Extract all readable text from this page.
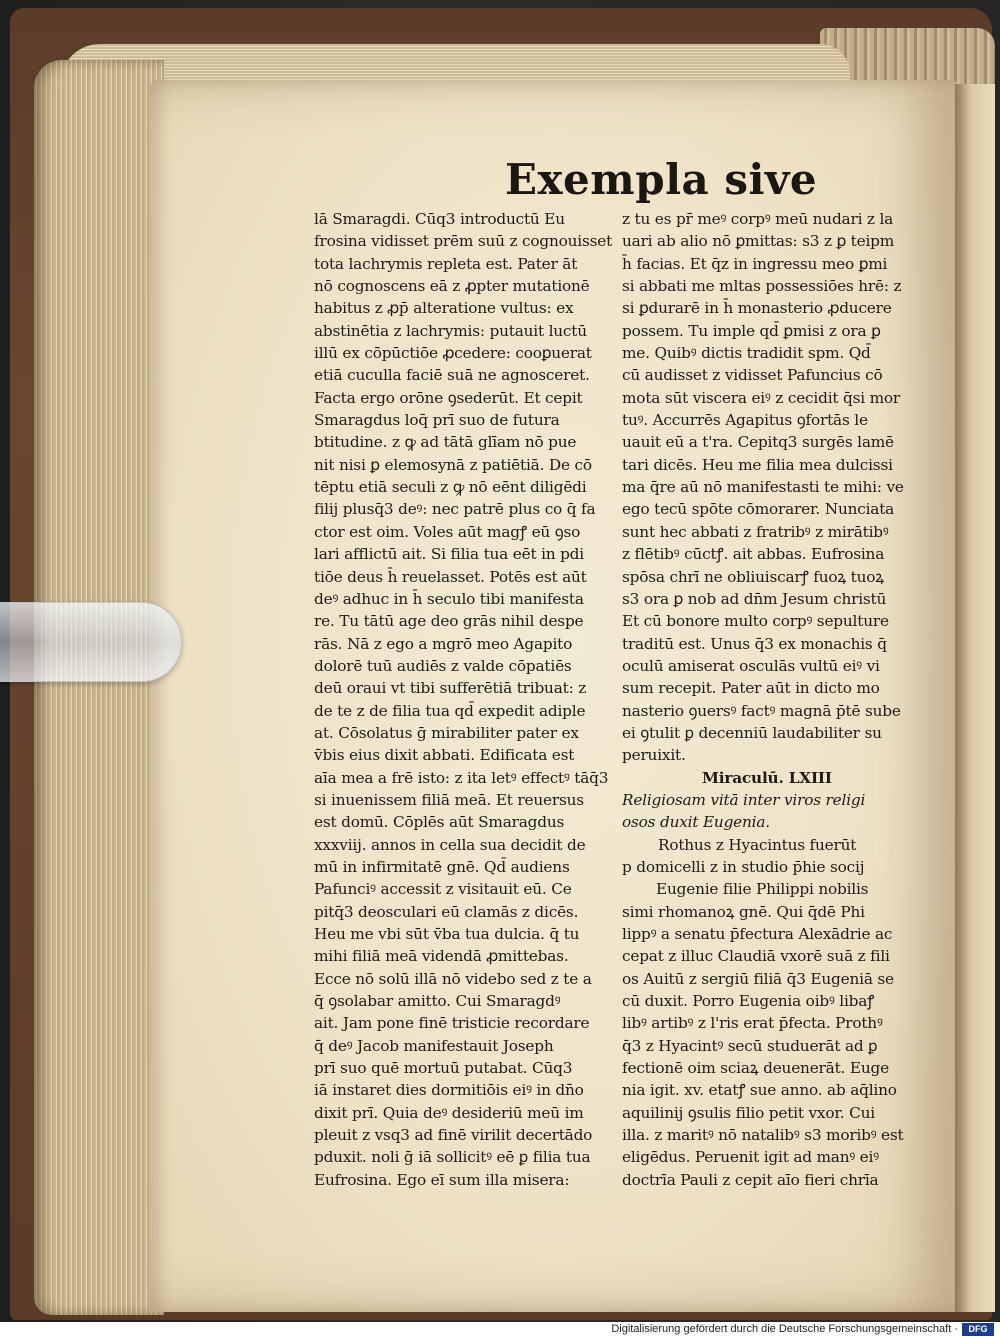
Exempla sive
lā Smaragdi. Cūq3 introductū Eu
frosina vidisset prēm suū z cognouisset
tota lachrymis repleta est. Pater āt
nō cognoscens eā z ꝓpter mutationē
habitus z ꝓp̄ alteratione vultus: ex
abstinētia z lachrymis: putauit luctū
illū ex cōpūctiōe ꝓcedere: cooꝑuerat
etiā cuculla faciē suā ne agnosceret.
Facta ergo orōne ꝯsederūt. Et cepit
Smaragdus loq̄ prī suo de futura
btitudine. z ꝙ ad tātā glīam nō pue
nit nisi ꝑ elemosynā z patiētiā. De cō
tēptu etiā seculi z ꝙ nō eēnt diligēdi
filij plusq̄3 deꝰ: nec patrē plus co q̄ fa
ctor est oim. Voles aūt magꝭ eū ꝯso
lari afflictū ait. Si filia tua eēt in pdi
tiōe deus h̄ reuelasset. Potēs est aūt
deꝰ adhuc in h̄ seculo tibi manifesta
re. Tu tātū age deo grās nihil despe
rās. Nā z ego a mgrō meo Agapito
dolorē tuū audiēs z valde cōpatiēs
deū oraui vt tibi sufferētiā tribuat: z
de te z de filia tua qd̄ expedit adiple
at. Cōsolatus ḡ mirabiliter pater ex
v̄bis eius dixit abbati. Edificata est
aīa mea a frē isto: z ita letꝰ effectꝰ tāq̄3
si inuenissem filiā meā. Et reuersus
est domū. Cōplēs aūt Smaragdus
xxxviij. annos in cella sua decidit de
mū in infirmitatē gnē. Qd̄ audiens
Pafunciꝰ accessit z visitauit eū. Ce
pitq̄3 deosculari eū clamās z dicēs.
Heu me vbi sūt v̄ba tua dulcia. q̄ tu
mihi filiā meā videndā ꝓmittebas.
Ecce nō solū illā nō videbo sed z te a
q̄ ꝯsolabar amitto. Cui Smaragdꝰ
ait. Jam pone finē tristicie recordare
q̄ deꝰ Jacob manifestauit Joseph
prī suo quē mortuū putabat. Cūq3
iā instaret dies dormitiōis eiꝰ in dn̄o
dixit prī. Quia deꝰ desideriū meū im
pleuit z vsq3 ad finē virilit decertādo
pduxit. noli ḡ iā sollicitꝰ eē ꝑ filia tua
Eufrosina. Ego eī sum illa misera:
z tu es pr̄ meꝰ corpꝰ meū nudari z la
uari ab alio nō ꝑmittas: s3 z ꝑ teipm
h̄ facias. Et q̄z in ingressu meo ꝑmi
si abbati me mltas possessiōes hrē: z
si ꝑdurarē in h̄ monasterio ꝓducere
possem. Tu imple qd̄ ꝑmisi z ora ꝑ
me. Quibꝰ dictis tradidit spm. Qd̄
cū audisset z vidisset Pafuncius cō
mota sūt viscera eiꝰ z cecidit q̄si mor
tuꝰ. Accurrēs Agapitus ꝯfortās le
uauit eū a t'ra. Cepitq3 surgēs lamē
tari dicēs. Heu me filia mea dulcissi
ma q̄re aū nō manifestasti te mihi: ve
ego tecū spōte cōmorarer. Nunciata
sunt hec abbati z fratribꝰ z mirātibꝰ
z flētibꝰ cūctꝭ. ait abbas. Eufrosina
spōsa chrī ne obliuiscarꝭ fuoꝝ tuoꝝ
s3 ora ꝑ nob ad dn̄m Jesum christū
Et cū bonore multo corpꝰ sepulture
traditū est. Unus q̄3 ex monachis q̄
oculū amiserat osculās vultū eiꝰ vi
sum recepit. Pater aūt in dicto mo
nasterio ꝯuersꝰ factꝰ magnā p̄tē sube
ei ꝯtulit ꝑ decenniū laudabiliter su
peruixit.
Miraculū. LXIII
Religiosam vitā inter viros religi
osos duxit Eugenia.
Rothus z Hyacintus fuerūt
p domicelli z in studio p̄hie socij
Eugenie filie Philippi nobilis
simi rhomanoꝝ gnē. Qui q̄dē Phi
lippꝰ a senatu p̄fectura Alexādrie ac
cepat z illuc Claudiā vxorē suā z fili
os Auitū z sergiū filiā q̄3 Eugeniā se
cū duxit. Porro Eugenia oibꝰ libaꝭ
libꝰ artibꝰ z l'ris erat p̄fecta. Prothꝰ
q̄3 z Hyacintꝰ secū studuerāt ad ꝑ
fectionē oim sciaꝝ deuenerāt. Euge
nia igit. xv. etatꝭ sue anno. ab aq̄lino
aquilinij ꝯsulis filio petit vxor. Cui
illa. z maritꝰ nō natalibꝰ s3 moribꝰ est
eligēdus. Peruenit igit ad manꝰ eiꝰ
doctrīa Pauli z cepit aīo fieri chrīa
Digitalisierung gefördert durch die Deutsche Forschungsgemeinschaft ·	DFG
